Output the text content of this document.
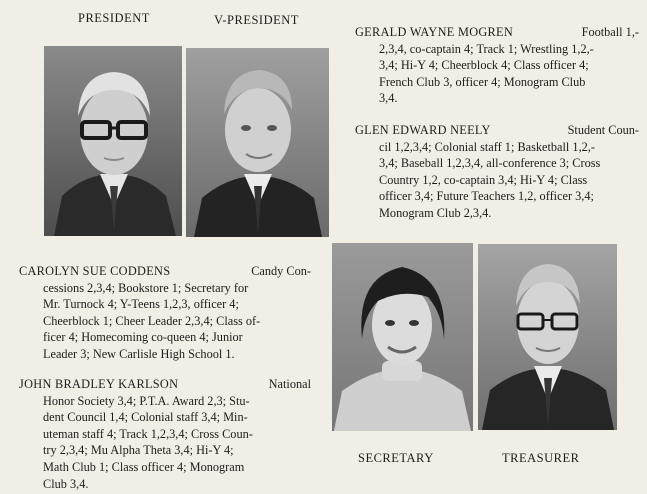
PRESIDENT	V-PRESIDENT
SECRETARY	TREASURER
GERALD WAYNE MOGREN	Football 1,-
2,3,4, co-captain 4; Track 1; Wrestling 1,2,-
3,4; Hi-Y 4; Cheerblock 4; Class officer 4;
French Club 3, officer 4; Monogram Club
3,4.
GLEN EDWARD NEELY	Student Coun-
cil 1,2,3,4; Colonial staff 1; Basketball 1,2,-
3,4; Baseball 1,2,3,4, all-conference 3; Cross
Country 1,2, co-captain 3,4; Hi-Y 4; Class
officer 3,4; Future Teachers 1,2, officer 3,4;
Monogram Club 2,3,4.
CAROLYN SUE CODDENS	Candy Con-
cessions 2,3,4; Bookstore 1; Secretary for
Mr. Turnock 4; Y-Teens 1,2,3, officer 4;
Cheerblock 1; Cheer Leader 2,3,4; Class of-
ficer 4; Homecoming co-queen 4; Junior
Leader 3; New Carlisle High School 1.
JOHN BRADLEY KARLSON	National
Honor Society 3,4; P.T.A. Award 2,3; Stu-
dent Council 1,4; Colonial staff 3,4; Min-
uteman staff 4; Track 1,2,3,4; Cross Coun-
try 2,3,4; Mu Alpha Theta 3,4; Hi-Y 4;
Math Club 1; Class officer 4; Monogram
Club 3,4.
